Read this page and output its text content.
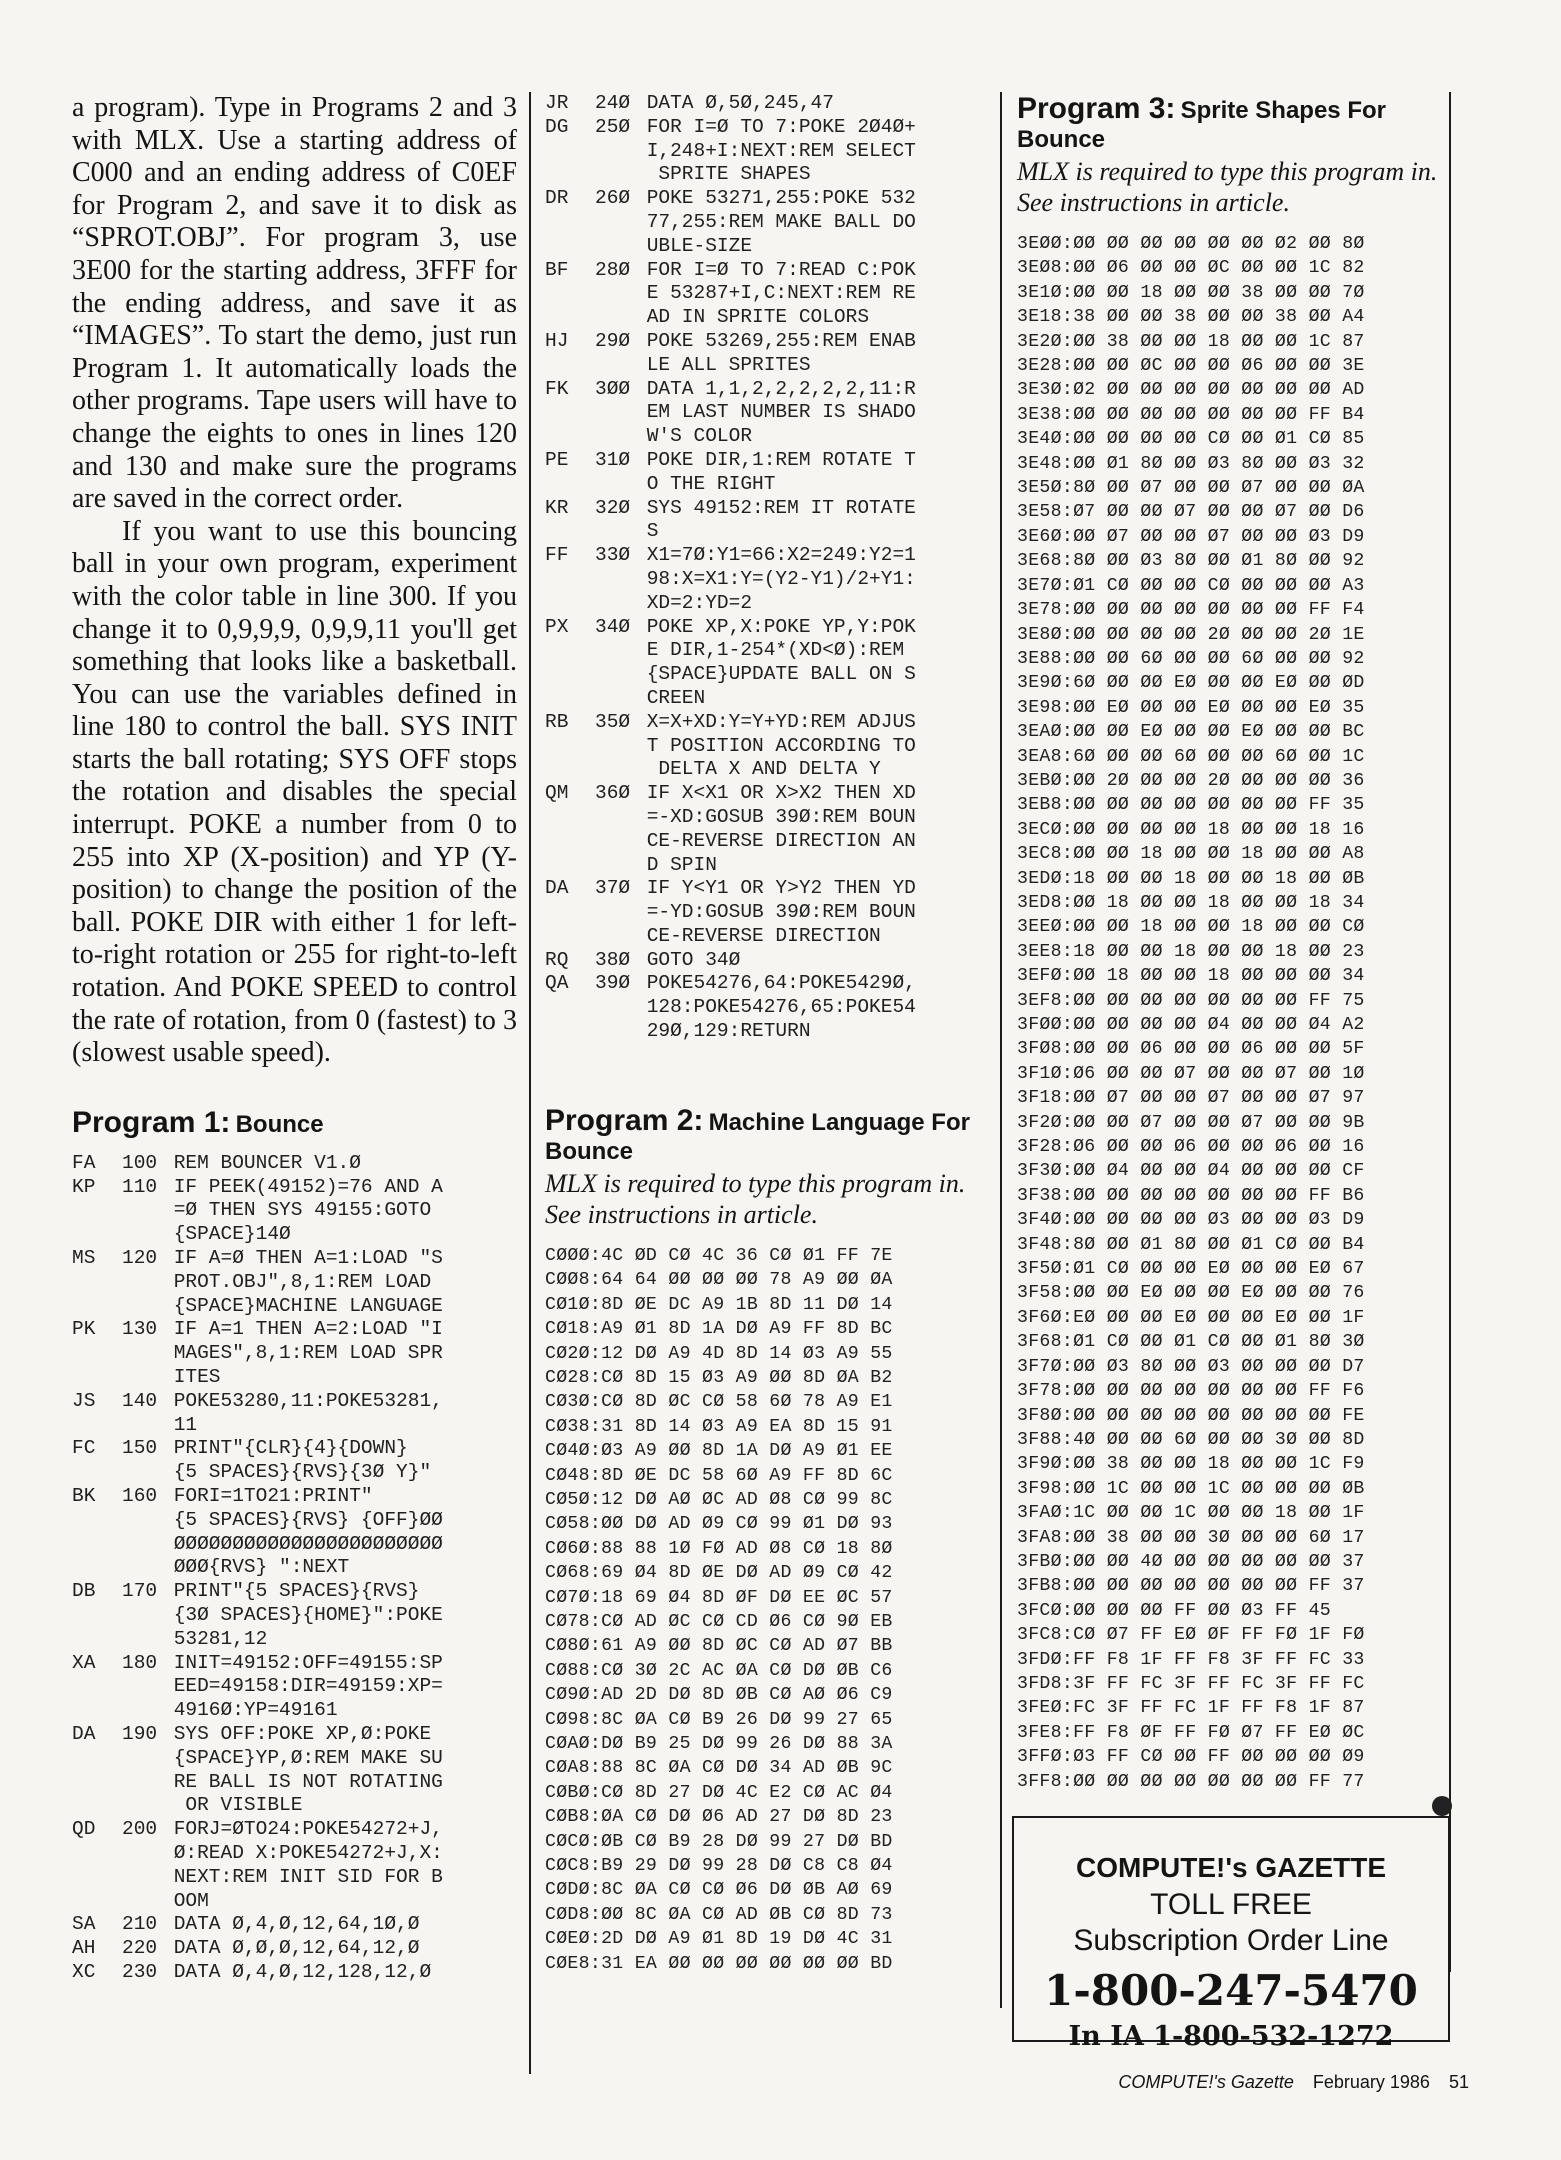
a program). Type in Programs 2 and 3 with MLX. Use a starting address of C000 and an ending address of C0EF for Program 2, and save it to disk as “SPROT.OBJ”. For program 3, use 3E00 for the starting address, 3FFF for the ending address, and save it as “IMAGES”. To start the demo, just run Program 1. It automatically loads the other programs. Tape users will have to change the eights to ones in lines 120 and 130 and make sure the programs are saved in the correct order.

If you want to use this bouncing ball in your own program, experiment with the color table in line 300. If you change it to 0,9,9,9, 0,9,9,11 you'll get something that looks like a basketball. You can use the variables defined in line 180 to control the ball. SYS INIT starts the ball rotating; SYS OFF stops the rotation and disables the special interrupt. POKE a number from 0 to 255 into XP (X-position) and YP (Y-position) to change the position of the ball. POKE DIR with either 1 for left-to-right rotation or 255 for right-to-left rotation. And POKE SPEED to control the rate of rotation, from 0 (fastest) to 3 (slowest usable speed).

Program 1: Bounce
FA	100 REM BOUNCER V1.Ø
KP	110 IF PEEK(49152)=76 AND A
=Ø THEN SYS 49155:GOTO
{SPACE}14Ø
MS	120 IF A=Ø THEN A=1:LOAD "S
PROT.OBJ",8,1:REM LOAD
{SPACE}MACHINE LANGUAGE
PK	130 IF A=1 THEN A=2:LOAD "I
MAGES",8,1:REM LOAD SPR
ITES
JS	140 POKE53280,11:POKE53281,
11
FC	150 PRINT"{CLR}{4}{DOWN}
{5 SPACES}{RVS}{3Ø Y}"
BK	160 FORI=1TO21:PRINT"
{5 SPACES}{RVS} {OFF}ØØ
ØØØØØØØØØØØØØØØØØØØØØØØ
ØØØ{RVS} ":NEXT
DB	170 PRINT"{5 SPACES}{RVS}
{3Ø SPACES}{HOME}":POKE
53281,12
XA	180 INIT=49152:OFF=49155:SP
EED=49158:DIR=49159:XP=
4916Ø:YP=49161
DA	190 SYS OFF:POKE XP,Ø:POKE
{SPACE}YP,Ø:REM MAKE SU
RE BALL IS NOT ROTATING
OR VISIBLE
QD	200 FORJ=ØTO24:POKE54272+J,
Ø:READ X:POKE54272+J,X:
NEXT:REM INIT SID FOR B
OOM
SA	210 DATA Ø,4,Ø,12,64,1Ø,Ø
AH	220 DATA Ø,Ø,Ø,12,64,12,Ø
XC	230 DATA Ø,4,Ø,12,128,12,Ø
JR	24Ø DATA Ø,5Ø,245,47
DG	25Ø FOR I=Ø TO 7:POKE 2Ø4Ø+
I,248+I:NEXT:REM SELECT
SPRITE SHAPES
DR	26Ø POKE 53271,255:POKE 532
77,255:REM MAKE BALL DO
UBLE-SIZE
BF	28Ø FOR I=Ø TO 7:READ C:POK
E 53287+I,C:NEXT:REM RE
AD IN SPRITE COLORS
HJ	29Ø POKE 53269,255:REM ENAB
LE ALL SPRITES
FK	3ØØ DATA 1,1,2,2,2,2,2,11:R
EM LAST NUMBER IS SHADO
W'S COLOR
PE	31Ø POKE DIR,1:REM ROTATE T
O THE RIGHT
KR	32Ø SYS 49152:REM IT ROTATE
S
FF	33Ø X1=7Ø:Y1=66:X2=249:Y2=1
98:X=X1:Y=(Y2-Y1)/2+Y1:
XD=2:YD=2
PX	34Ø POKE XP,X:POKE YP,Y:POK
E DIR,1-254*(XD<Ø):REM
{SPACE}UPDATE BALL ON S
CREEN
RB	35Ø X=X+XD:Y=Y+YD:REM ADJUS
T POSITION ACCORDING TO
DELTA X AND DELTA Y
QM	36Ø IF X<X1 OR X>X2 THEN XD
=-XD:GOSUB 39Ø:REM BOUN
CE-REVERSE DIRECTION AN
D SPIN
DA	37Ø IF Y<Y1 OR Y>Y2 THEN YD
=-YD:GOSUB 39Ø:REM BOUN
CE-REVERSE DIRECTION
RQ	38Ø GOTO 34Ø
QA	39Ø POKE54276,64:POKE5429Ø,
128:POKE54276,65:POKE54
29Ø,129:RETURN
Program 2: Machine Language For Bounce

MLX is required to type this program in. See instructions in article.

CØØØ:4C ØD CØ 4C 36 CØ Ø1 FF 7E
CØØ8:64 64 ØØ ØØ ØØ 78 A9 ØØ ØA
CØ1Ø:8D ØE DC A9 1B 8D 11 DØ 14
CØ18:A9 Ø1 8D 1A DØ A9 FF 8D BC
CØ2Ø:12 DØ A9 4D 8D 14 Ø3 A9 55
CØ28:CØ 8D 15 Ø3 A9 ØØ 8D ØA B2
CØ3Ø:CØ 8D ØC CØ 58 6Ø 78 A9 E1
CØ38:31 8D 14 Ø3 A9 EA 8D 15 91
CØ4Ø:Ø3 A9 ØØ 8D 1A DØ A9 Ø1 EE
CØ48:8D ØE DC 58 6Ø A9 FF 8D 6C
CØ5Ø:12 DØ AØ ØC AD Ø8 CØ 99 8C
CØ58:ØØ DØ AD Ø9 CØ 99 Ø1 DØ 93
CØ6Ø:88 88 1Ø FØ AD Ø8 CØ 18 8Ø
CØ68:69 Ø4 8D ØE DØ AD Ø9 CØ 42
CØ7Ø:18 69 Ø4 8D ØF DØ EE ØC 57
CØ78:CØ AD ØC CØ CD Ø6 CØ 9Ø EB
CØ8Ø:61 A9 ØØ 8D ØC CØ AD Ø7 BB
CØ88:CØ 3Ø 2C AC ØA CØ DØ ØB C6
CØ9Ø:AD 2D DØ 8D ØB CØ AØ Ø6 C9
CØ98:8C ØA CØ B9 26 DØ 99 27 65
CØAØ:DØ B9 25 DØ 99 26 DØ 88 3A
CØA8:88 8C ØA CØ DØ 34 AD ØB 9C
CØBØ:CØ 8D 27 DØ 4C E2 CØ AC Ø4
CØB8:ØA CØ DØ Ø6 AD 27 DØ 8D 23
CØCØ:ØB CØ B9 28 DØ 99 27 DØ BD
CØC8:B9 29 DØ 99 28 DØ C8 C8 Ø4
CØDØ:8C ØA CØ CØ Ø6 DØ ØB AØ 69
CØD8:ØØ 8C ØA CØ AD ØB CØ 8D 73
CØEØ:2D DØ A9 Ø1 8D 19 DØ 4C 31
CØE8:31 EA ØØ ØØ ØØ ØØ ØØ ØØ BD
Program 3: Sprite Shapes For Bounce

MLX is required to type this program in. See instructions in article.

3EØØ:ØØ ØØ ØØ ØØ ØØ ØØ Ø2 ØØ 8Ø
3EØ8:ØØ Ø6 ØØ ØØ ØC ØØ ØØ 1C 82
3E1Ø:ØØ ØØ 18 ØØ ØØ 38 ØØ ØØ 7Ø
3E18:38 ØØ ØØ 38 ØØ ØØ 38 ØØ A4
3E2Ø:ØØ 38 ØØ ØØ 18 ØØ ØØ 1C 87
3E28:ØØ ØØ ØC ØØ ØØ Ø6 ØØ ØØ 3E
3E3Ø:Ø2 ØØ ØØ ØØ ØØ ØØ ØØ ØØ AD
3E38:ØØ ØØ ØØ ØØ ØØ ØØ ØØ FF B4
3E4Ø:ØØ ØØ ØØ ØØ CØ ØØ Ø1 CØ 85
3E48:ØØ Ø1 8Ø ØØ Ø3 8Ø ØØ Ø3 32
3E5Ø:8Ø ØØ Ø7 ØØ ØØ Ø7 ØØ ØØ ØA
3E58:Ø7 ØØ ØØ Ø7 ØØ ØØ Ø7 ØØ D6
3E6Ø:ØØ Ø7 ØØ ØØ Ø7 ØØ ØØ Ø3 D9
3E68:8Ø ØØ Ø3 8Ø ØØ Ø1 8Ø ØØ 92
3E7Ø:Ø1 CØ ØØ ØØ CØ ØØ ØØ ØØ A3
3E78:ØØ ØØ ØØ ØØ ØØ ØØ ØØ FF F4
3E8Ø:ØØ ØØ ØØ ØØ 2Ø ØØ ØØ 2Ø 1E
3E88:ØØ ØØ 6Ø ØØ ØØ 6Ø ØØ ØØ 92
3E9Ø:6Ø ØØ ØØ EØ ØØ ØØ EØ ØØ ØD
3E98:ØØ EØ ØØ ØØ EØ ØØ ØØ EØ 35
3EAØ:ØØ ØØ EØ ØØ ØØ EØ ØØ ØØ BC
3EA8:6Ø ØØ ØØ 6Ø ØØ ØØ 6Ø ØØ 1C
3EBØ:ØØ 2Ø ØØ ØØ 2Ø ØØ ØØ ØØ 36
3EB8:ØØ ØØ ØØ ØØ ØØ ØØ ØØ FF 35
3ECØ:ØØ ØØ ØØ ØØ 18 ØØ ØØ 18 16
3EC8:ØØ ØØ 18 ØØ ØØ 18 ØØ ØØ A8
3EDØ:18 ØØ ØØ 18 ØØ ØØ 18 ØØ ØB
3ED8:ØØ 18 ØØ ØØ 18 ØØ ØØ 18 34
3EEØ:ØØ ØØ 18 ØØ ØØ 18 ØØ ØØ CØ
3EE8:18 ØØ ØØ 18 ØØ ØØ 18 ØØ 23
3EFØ:ØØ 18 ØØ ØØ 18 ØØ ØØ ØØ 34
3EF8:ØØ ØØ ØØ ØØ ØØ ØØ ØØ FF 75
3FØØ:ØØ ØØ ØØ ØØ Ø4 ØØ ØØ Ø4 A2
3FØ8:ØØ ØØ Ø6 ØØ ØØ Ø6 ØØ ØØ 5F
3F1Ø:Ø6 ØØ ØØ Ø7 ØØ ØØ Ø7 ØØ 1Ø
3F18:ØØ Ø7 ØØ ØØ Ø7 ØØ ØØ Ø7 97
3F2Ø:ØØ ØØ Ø7 ØØ ØØ Ø7 ØØ ØØ 9B
3F28:Ø6 ØØ ØØ Ø6 ØØ ØØ Ø6 ØØ 16
3F3Ø:ØØ Ø4 ØØ ØØ Ø4 ØØ ØØ ØØ CF
3F38:ØØ ØØ ØØ ØØ ØØ ØØ ØØ FF B6
3F4Ø:ØØ ØØ ØØ ØØ Ø3 ØØ ØØ Ø3 D9
3F48:8Ø ØØ Ø1 8Ø ØØ Ø1 CØ ØØ B4
3F5Ø:Ø1 CØ ØØ ØØ EØ ØØ ØØ EØ 67
3F58:ØØ ØØ EØ ØØ ØØ EØ ØØ ØØ 76
3F6Ø:EØ ØØ ØØ EØ ØØ ØØ EØ ØØ 1F
3F68:Ø1 CØ ØØ Ø1 CØ ØØ Ø1 8Ø 3Ø
3F7Ø:ØØ Ø3 8Ø ØØ Ø3 ØØ ØØ ØØ D7
3F78:ØØ ØØ ØØ ØØ ØØ ØØ ØØ FF F6
3F8Ø:ØØ ØØ ØØ ØØ ØØ ØØ ØØ ØØ FE
3F88:4Ø ØØ ØØ 6Ø ØØ ØØ 3Ø ØØ 8D
3F9Ø:ØØ 38 ØØ ØØ 18 ØØ ØØ 1C F9
3F98:ØØ 1C ØØ ØØ 1C ØØ ØØ ØØ ØB
3FAØ:1C ØØ ØØ 1C ØØ ØØ 18 ØØ 1F
3FA8:ØØ 38 ØØ ØØ 3Ø ØØ ØØ 6Ø 17
3FBØ:ØØ ØØ 4Ø ØØ ØØ ØØ ØØ ØØ 37
3FB8:ØØ ØØ ØØ ØØ ØØ ØØ ØØ FF 37
3FCØ:ØØ ØØ ØØ FF ØØ Ø3 FF 45
3FC8:CØ Ø7 FF EØ ØF FF FØ 1F FØ
3FDØ:FF F8 1F FF F8 3F FF FC 33
3FD8:3F FF FC 3F FF FC 3F FF FC
3FEØ:FC 3F FF FC 1F FF F8 1F 87
3FE8:FF F8 ØF FF FØ Ø7 FF EØ ØC
3FFØ:Ø3 FF CØ ØØ FF ØØ ØØ ØØ Ø9
3FF8:ØØ ØØ ØØ ØØ ØØ ØØ ØØ FF 77
COMPUTE!'s GAZETTE
TOLL FREE
Subscription Order Line
1-800-247-5470
In IA 1-800-532-1272
COMPUTE!'s Gazette February 1986 51
